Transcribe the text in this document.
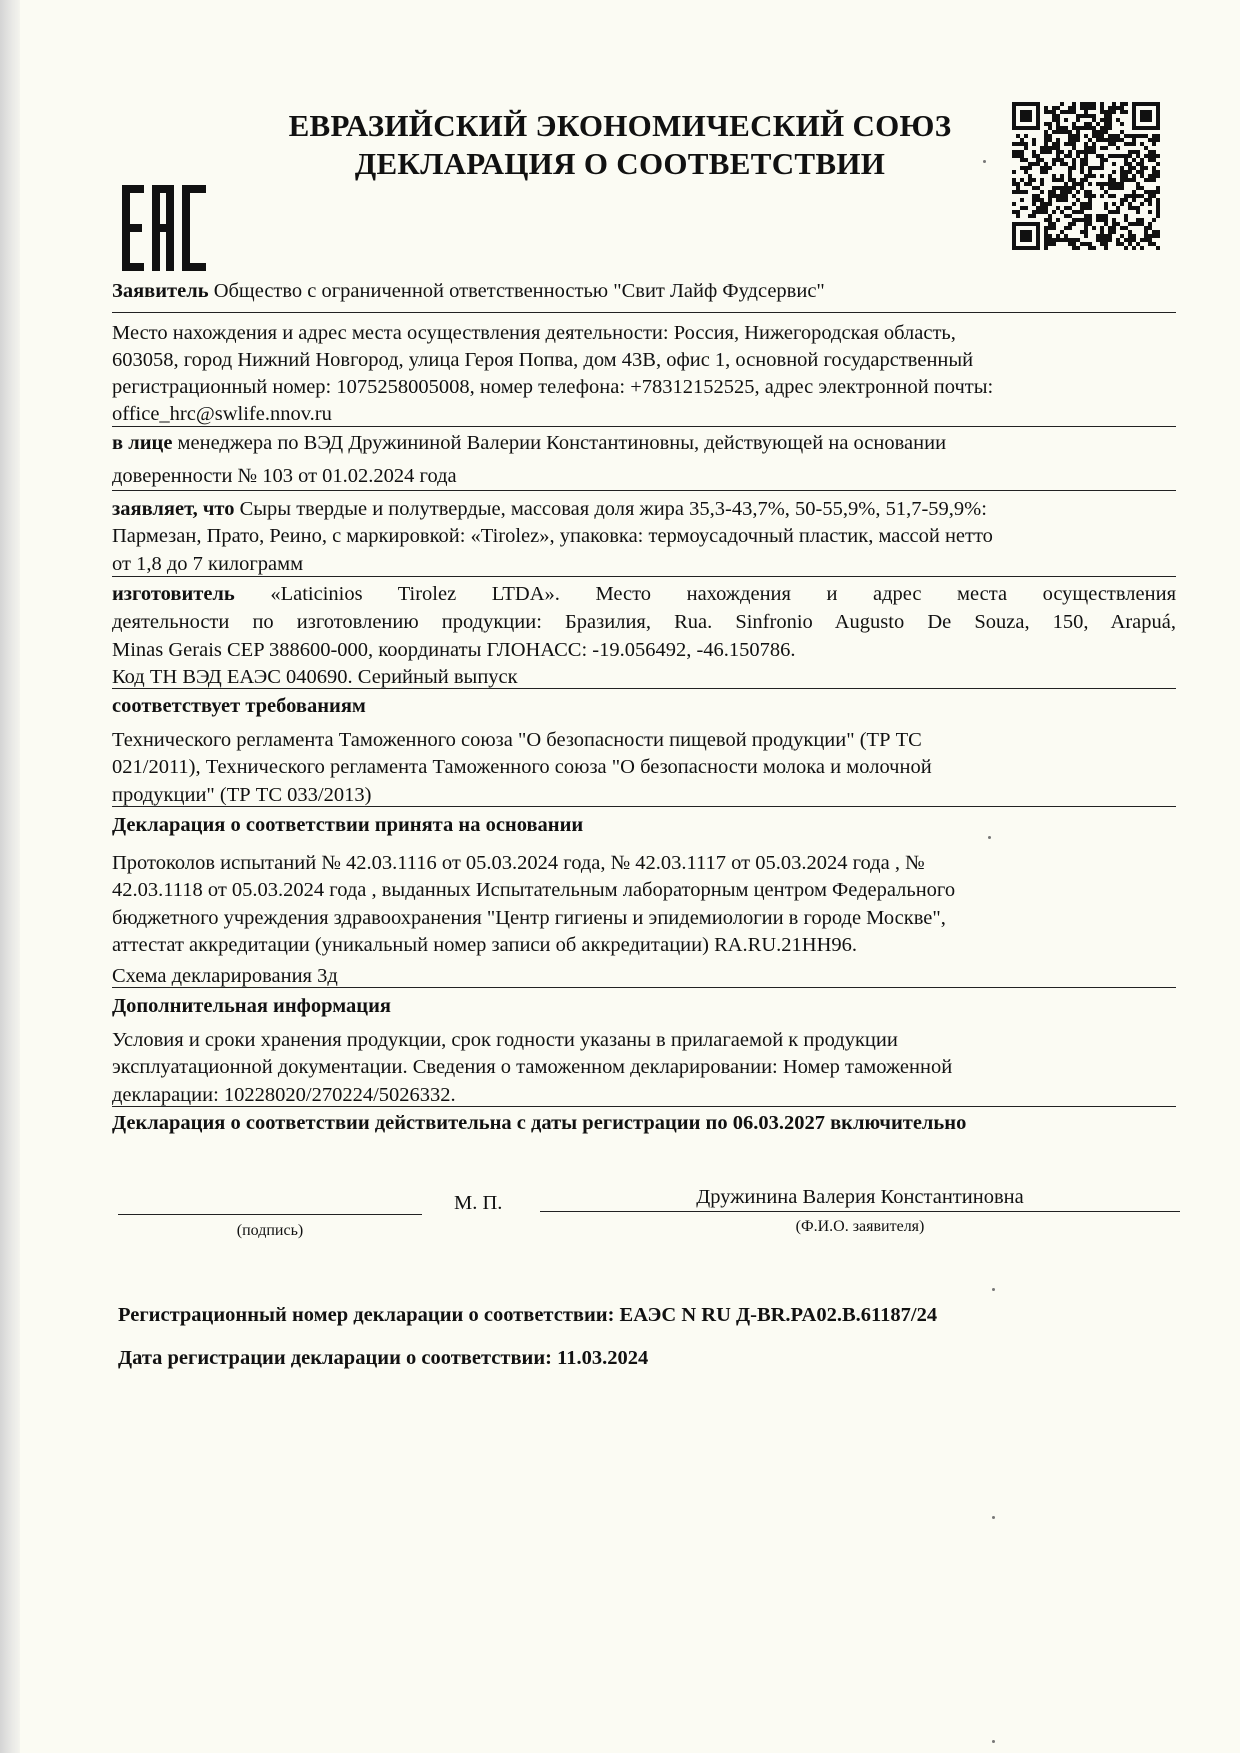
ЕВРАЗИЙСКИЙ ЭКОНОМИЧЕСКИЙ СОЮЗ
ДЕКЛАРАЦИЯ О СООТВЕТСТВИИ
Заявитель Общество с ограниченной ответственностью "Свит Лайф Фудсервис"
Место нахождения и адрес места осуществления деятельности: Россия, Нижегородская область,
603058, город Нижний Новгород, улица Героя Попва, дом 43В, офис 1, основной государственный
регистрационный номер: 1075258005008, номер телефона: +78312152525, адрес электронной почты:
office_hrc@swlife.nnov.ru
в лице менеджера по ВЭД Дружининой Валерии Константиновны, действующей на основании
доверенности № 103 от 01.02.2024 года
заявляет, что Сыры твердые и полутвердые, массовая доля жира 35,3-43,7%, 50-55,9%, 51,7-59,9%:
Пармезан, Прато, Реино, с маркировкой: «Tirolez», упаковка: термоусадочный пластик, массой нетто
от 1,8 до 7 килограмм
изготовитель «Laticinios Tirolez LTDA». Место нахождения и адрес места осуществления
деятельности по изготовлению продукции: Бразилия, Rua. Sinfronio Augusto De Souza, 150, Arapuá,
Minas Gerais CEP 388600-000, координаты ГЛОНАСС: -19.056492, -46.150786.
Код ТН ВЭД ЕАЭС 040690. Серийный выпуск
соответствует требованиям
Технического регламента Таможенного союза "О безопасности пищевой продукции" (ТР ТС
021/2011), Технического регламента Таможенного союза "О безопасности молока и молочной
продукции" (ТР ТС 033/2013)
Декларация о соответствии принята на основании
Протоколов испытаний № 42.03.1116 от 05.03.2024 года, № 42.03.1117 от 05.03.2024 года , №
42.03.1118 от 05.03.2024 года , выданных Испытательным лабораторным центром Федерального
бюджетного учреждения здравоохранения "Центр гигиены и эпидемиологии в городе Москве",
аттестат аккредитации (уникальный номер записи об аккредитации) RA.RU.21НН96.
Схема декларирования 3д
Дополнительная информация
Условия и сроки хранения продукции, срок годности указаны в прилагаемой к продукции
эксплуатационной документации. Сведения о таможенном декларировании: Номер таможенной
декларации: 10228020/270224/5026332.
Декларация о соответствии действительна с даты регистрации по 06.03.2027 включительно
М. П.	Дружинина Валерия Константиновна
(подпись)	(Ф.И.О. заявителя)
Регистрационный номер декларации о соответствии: ЕАЭС N RU Д-BR.PA02.B.61187/24
Дата регистрации декларации о соответствии: 11.03.2024
